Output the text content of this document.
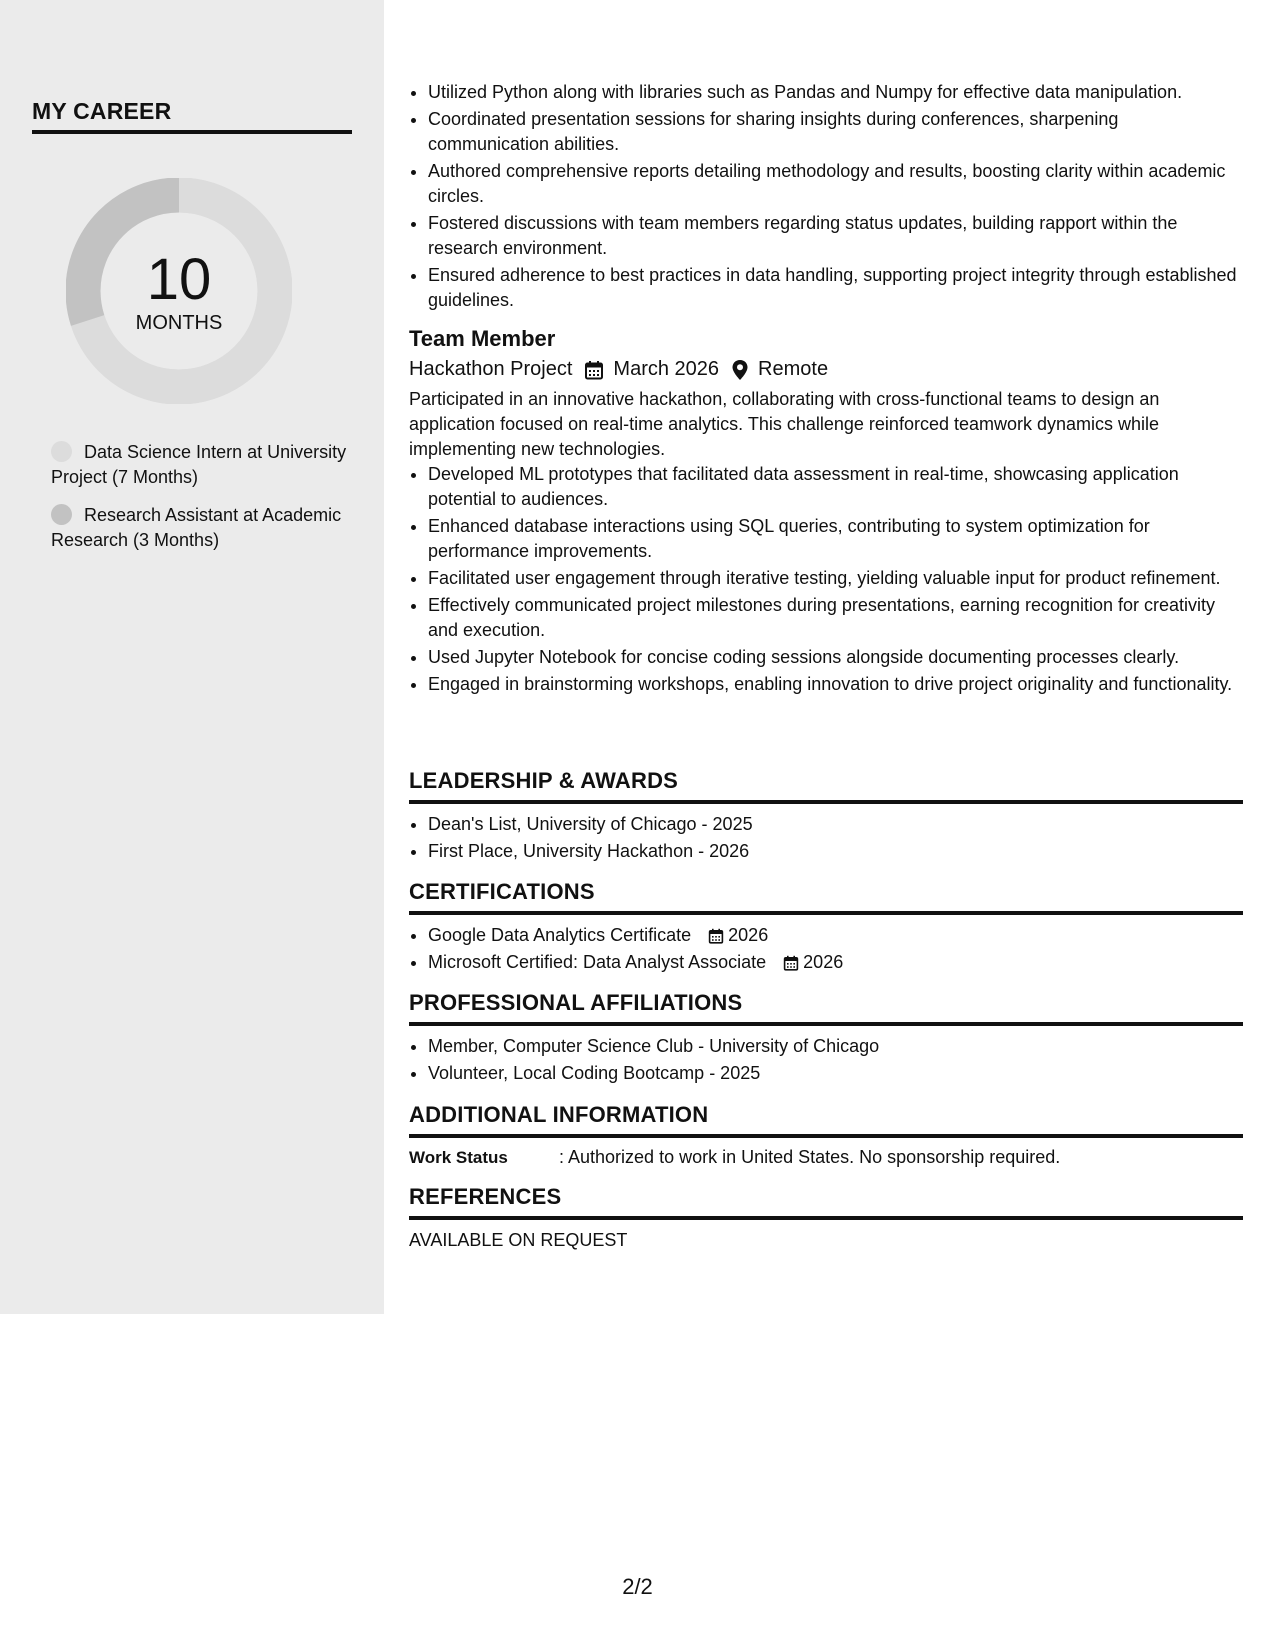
MY CAREER
10
MONTHS
Data Science Intern at University Project (7 Months)
Research Assistant at Academic Research (3 Months)
• Utilized Python along with libraries such as Pandas and Numpy for effective data manipulation.
• Coordinated presentation sessions for sharing insights during conferences, sharpening communication abilities.
• Authored comprehensive reports detailing methodology and results, boosting clarity within academic circles.
• Fostered discussions with team members regarding status updates, building rapport within the research environment.
• Ensured adherence to best practices in data handling, supporting project integrity through established guidelines.
Team Member
Hackathon Project March 2026 Remote
Participated in an innovative hackathon, collaborating with cross-functional teams to design an application focused on real-time analytics. This challenge reinforced teamwork dynamics while implementing new technologies.
• Developed ML prototypes that facilitated data assessment in real-time, showcasing application potential to audiences.
• Enhanced database interactions using SQL queries, contributing to system optimization for performance improvements.
• Facilitated user engagement through iterative testing, yielding valuable input for product refinement.
• Effectively communicated project milestones during presentations, earning recognition for creativity and execution.
• Used Jupyter Notebook for concise coding sessions alongside documenting processes clearly.
• Engaged in brainstorming workshops, enabling innovation to drive project originality and functionality.
LEADERSHIP & AWARDS
• Dean's List, University of Chicago - 2025
• First Place, University Hackathon - 2026
CERTIFICATIONS
• Google Data Analytics Certificate 2026
• Microsoft Certified: Data Analyst Associate 2026
PROFESSIONAL AFFILIATIONS
• Member, Computer Science Club - University of Chicago
• Volunteer, Local Coding Bootcamp - 2025
ADDITIONAL INFORMATION
Work Status	: Authorized to work in United States. No sponsorship required.
REFERENCES
AVAILABLE ON REQUEST
2/2
